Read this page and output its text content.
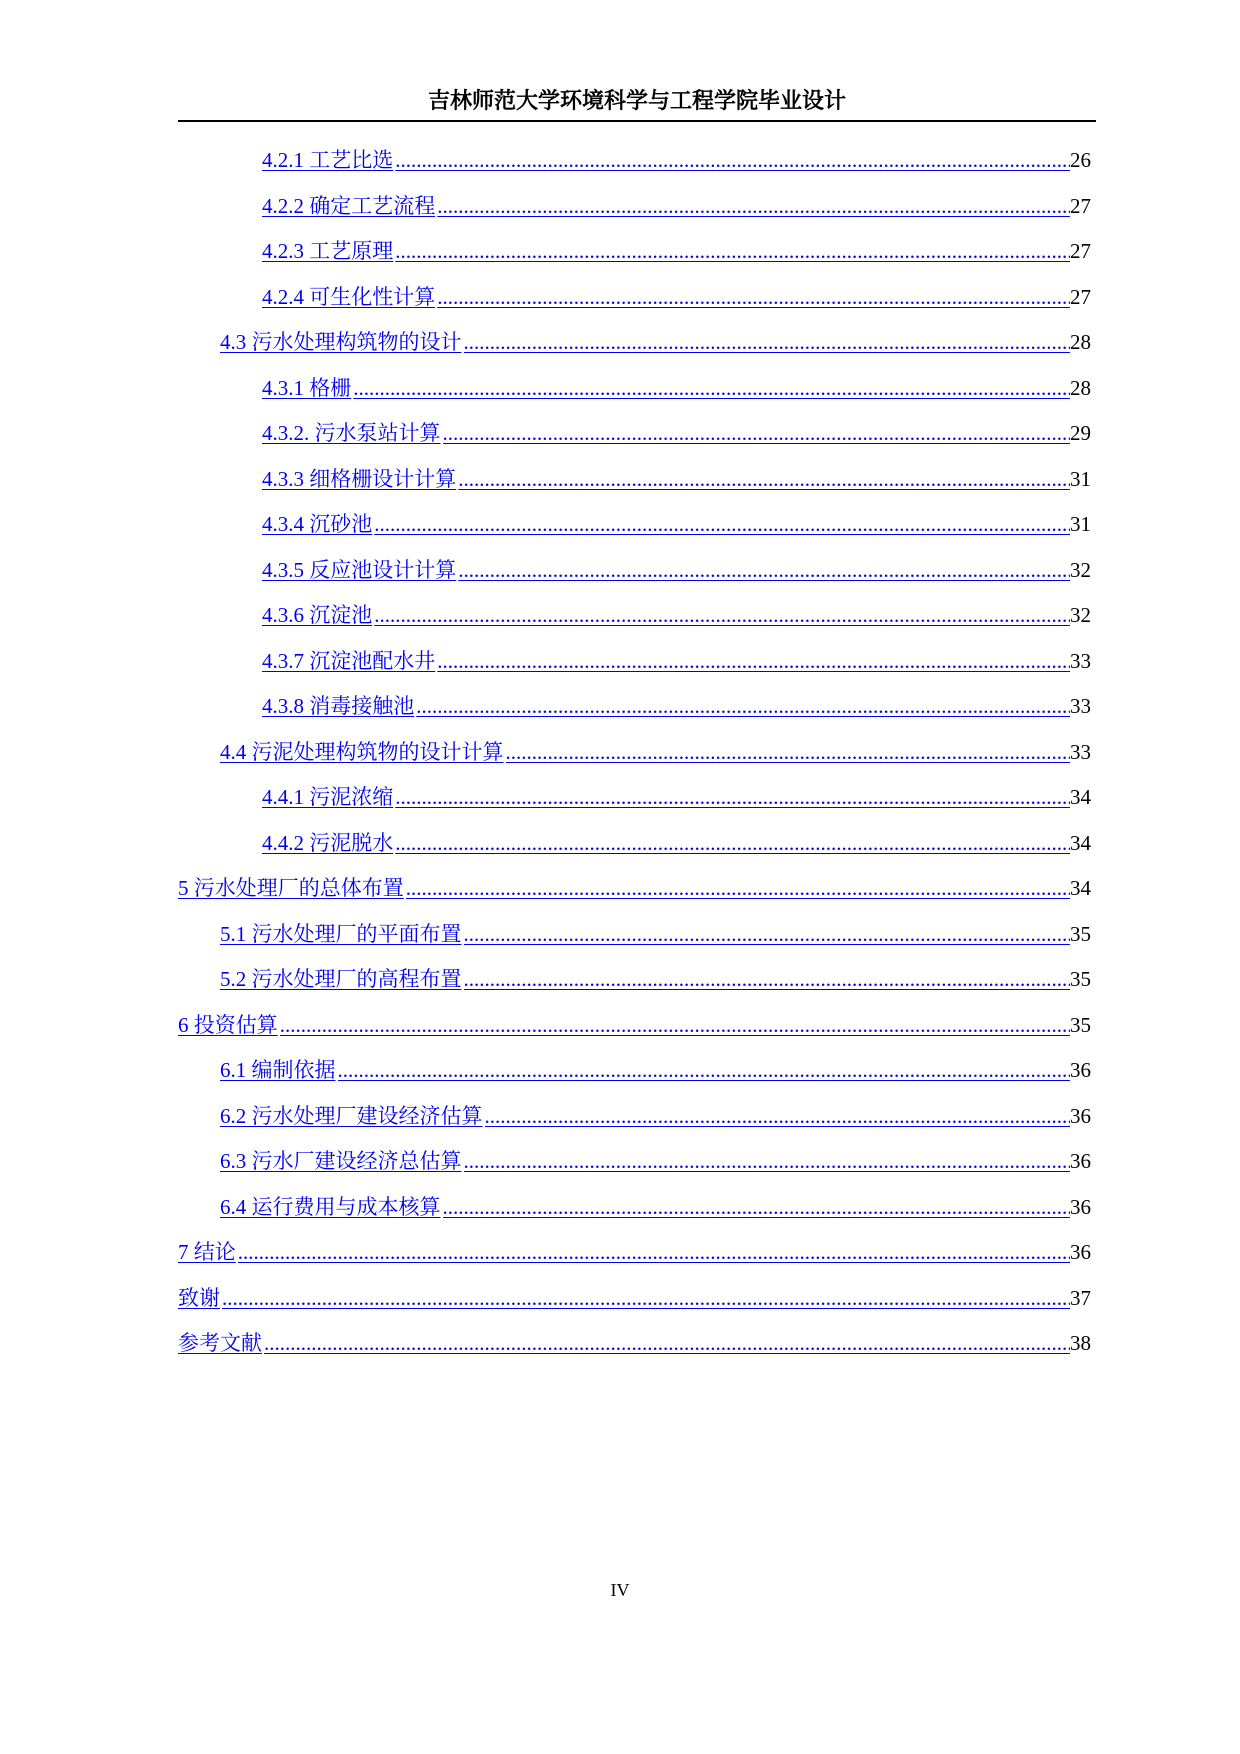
吉林师范大学环境科学与工程学院毕业设计
4.2.1 工艺比选 .....	26
4.2.2 确定工艺流程 .....	27
4.2.3 工艺原理 .....	27
4.2.4 可生化性计算 .....	27
4.3 污水处理构筑物的设计 .....	28
4.3.1 格栅 .....	28
4.3.2. 污水泵站计算 .....	29
4.3.3 细格栅设计计算 .....	31
4.3.4 沉砂池 .....	31
4.3.5 反应池设计计算 .....	32
4.3.6 沉淀池 .....	32
4.3.7 沉淀池配水井 .....	33
4.3.8 消毒接触池 .....	33
4.4 污泥处理构筑物的设计计算 .....	33
4.4.1 污泥浓缩 .....	34
4.4.2 污泥脱水 .....	34
5 污水处理厂的总体布置 .....	34
5.1 污水处理厂的平面布置 .....	35
5.2 污水处理厂的高程布置 .....	35
6 投资估算 .....	35
6.1 编制依据 .....	36
6.2 污水处理厂建设经济估算 .....	36
6.3 污水厂建设经济总估算 .....	36
6.4 运行费用与成本核算 .....	36
7 结论 .....	36
致谢 .....	37
参考文献 .....	38
IV
